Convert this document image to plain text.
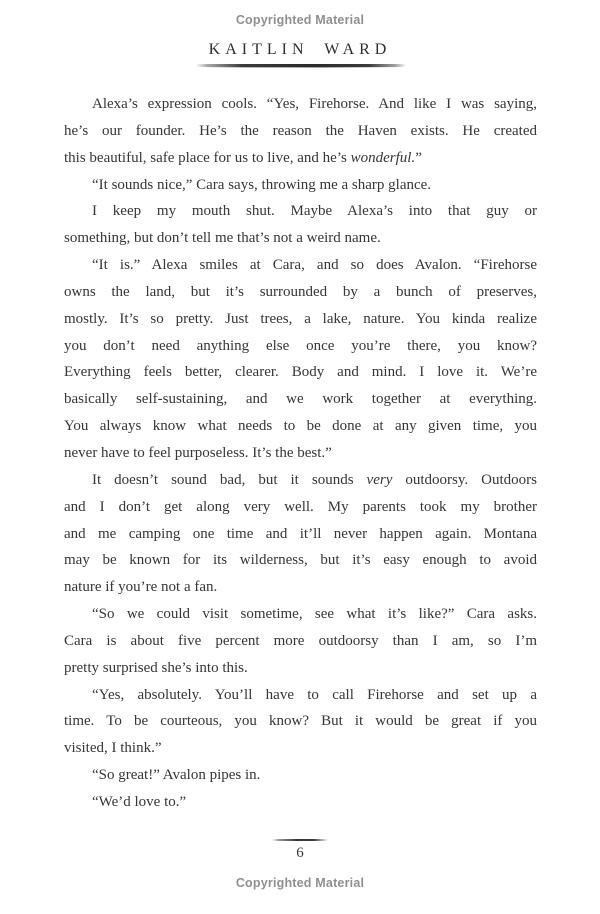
Copyrighted Material
KAITLIN WARD
Alexa’s expression cools. “Yes, Firehorse. And like I was saying,
he’s our founder. He’s the reason the Haven exists. He created
this beautiful, safe place for us to live, and he’s wonderful.”
“It sounds nice,” Cara says, throwing me a sharp glance.
I keep my mouth shut. Maybe Alexa’s into that guy or
something, but don’t tell me that’s not a weird name.
“It is.” Alexa smiles at Cara, and so does Avalon. “Firehorse
owns the land, but it’s surrounded by a bunch of preserves,
mostly. It’s so pretty. Just trees, a lake, nature. You kinda realize
you don’t need anything else once you’re there, you know?
Everything feels better, clearer. Body and mind. I love it. We’re
basically self-sustaining, and we work together at everything.
You always know what needs to be done at any given time, you
never have to feel purposeless. It’s the best.”
It doesn’t sound bad, but it sounds very outdoorsy. Outdoors
and I don’t get along very well. My parents took my brother
and me camping one time and it’ll never happen again. Montana
may be known for its wilderness, but it’s easy enough to avoid
nature if you’re not a fan.
“So we could visit sometime, see what it’s like?” Cara asks.
Cara is about five percent more outdoorsy than I am, so I’m
pretty surprised she’s into this.
“Yes, absolutely. You’ll have to call Firehorse and set up a
time. To be courteous, you know? But it would be great if you
visited, I think.”
“So great!” Avalon pipes in.
“We’d love to.”
6
Copyrighted Material
